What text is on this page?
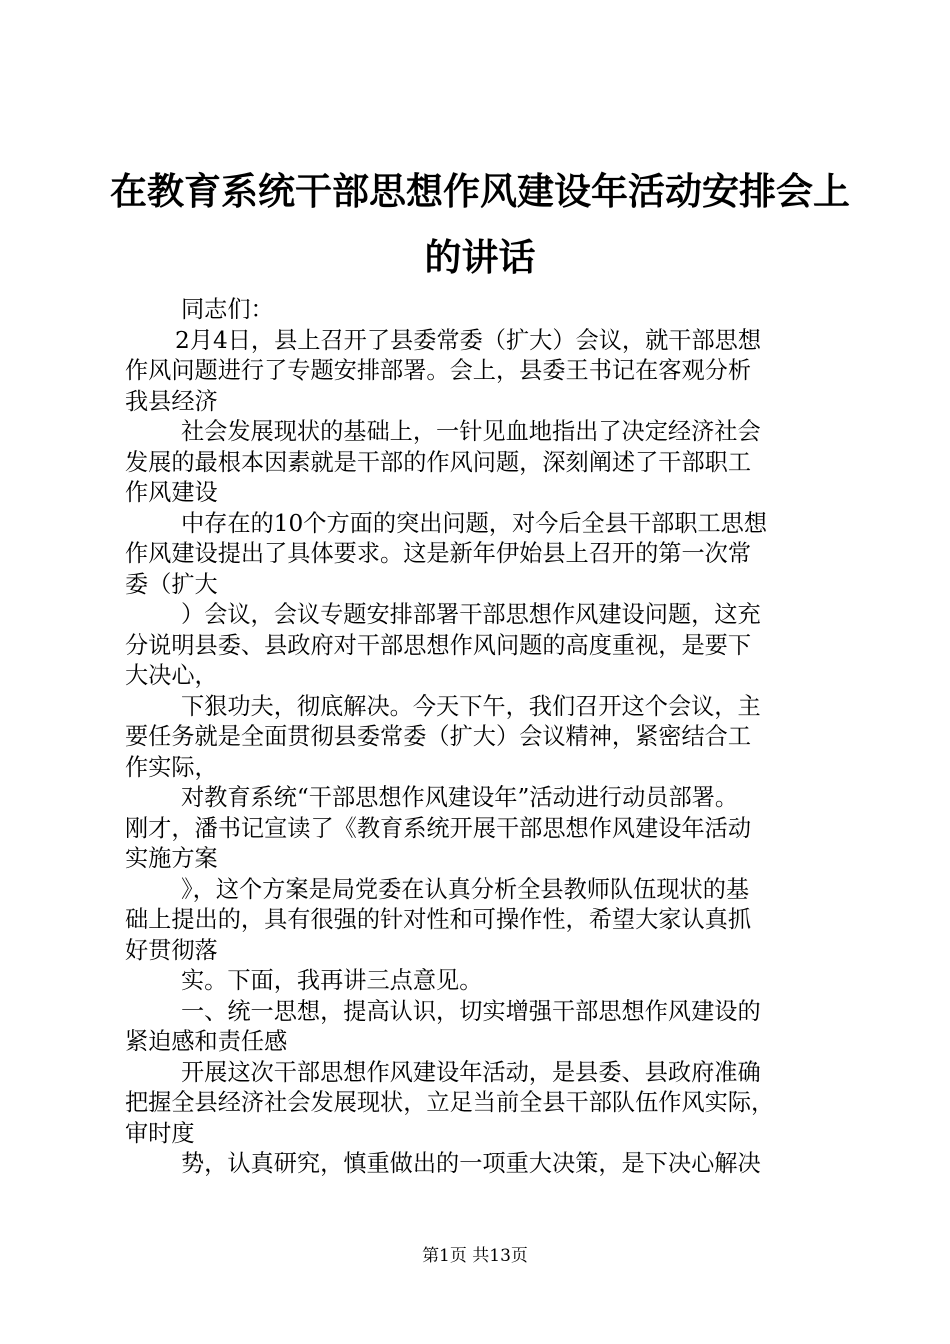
在教育系统干部思想作风建设年活动安排会上
的讲话
同志们：
2月4日，县上召开了县委常委（扩大）会议，就干部思想
作风问题进行了专题安排部署。会上，县委王书记在客观分析
我县经济
社会发展现状的基础上，一针见血地指出了决定经济社会
发展的最根本因素就是干部的作风问题，深刻阐述了干部职工
作风建设
中存在的10个方面的突出问题，对今后全县干部职工思想
作风建设提出了具体要求。这是新年伊始县上召开的第一次常
委（扩大
）会议，会议专题安排部署干部思想作风建设问题，这充
分说明县委、县政府对干部思想作风问题的高度重视，是要下
大决心，
下狠功夫，彻底解决。今天下午，我们召开这个会议，主
要任务就是全面贯彻县委常委（扩大）会议精神，紧密结合工
作实际，
对教育系统“干部思想作风建设年”活动进行动员部署。
刚才，潘书记宣读了《教育系统开展干部思想作风建设年活动
实施方案
》，这个方案是局党委在认真分析全县教师队伍现状的基
础上提出的，具有很强的针对性和可操作性，希望大家认真抓
好贯彻落
实。下面，我再讲三点意见。
一、统一思想，提高认识，切实增强干部思想作风建设的
紧迫感和责任感
开展这次干部思想作风建设年活动，是县委、县政府准确
把握全县经济社会发展现状，立足当前全县干部队伍作风实际，
审时度
势，认真研究，慎重做出的一项重大决策，是下决心解决
第1页 共13页
